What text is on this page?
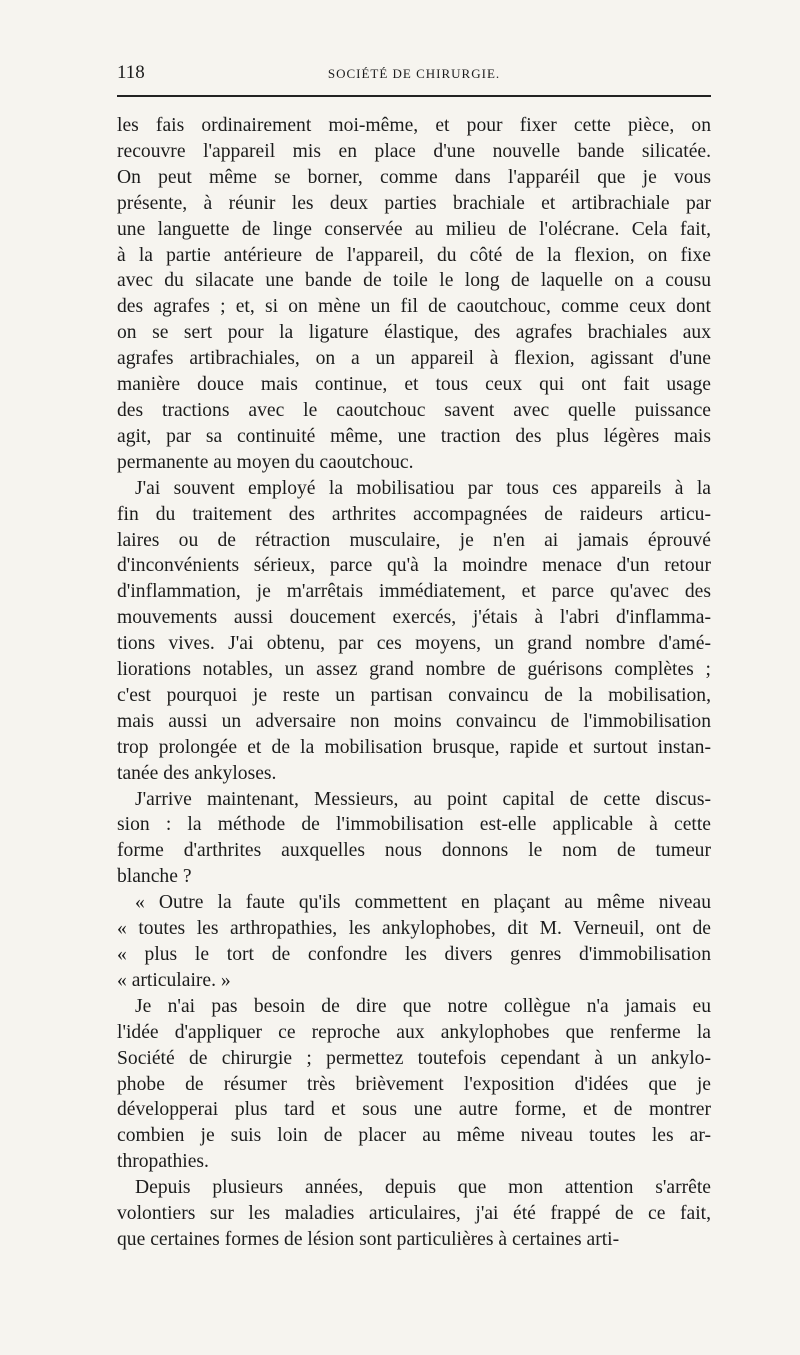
118	SOCIÉTÉ DE CHIRURGIE.
les fais ordinairement moi-même, et pour fixer cette pièce, on
recouvre l'appareil mis en place d'une nouvelle bande silicatée.
On peut même se borner, comme dans l'apparéil que je vous
présente, à réunir les deux parties brachiale et artibrachiale par
une languette de linge conservée au milieu de l'olécrane. Cela fait,
à la partie antérieure de l'appareil, du côté de la flexion, on fixe
avec du silacate une bande de toile le long de laquelle on a cousu
des agrafes ; et, si on mène un fil de caoutchouc, comme ceux dont
on se sert pour la ligature élastique, des agrafes brachiales aux
agrafes artibrachiales, on a un appareil à flexion, agissant d'une
manière douce mais continue, et tous ceux qui ont fait usage
des tractions avec le caoutchouc savent avec quelle puissance
agit, par sa continuité même, une traction des plus légères mais
permanente au moyen du caoutchouc.
J'ai souvent employé la mobilisatiou par tous ces appareils à la
fin du traitement des arthrites accompagnées de raideurs articu-
laires ou de rétraction musculaire, je n'en ai jamais éprouvé
d'inconvénients sérieux, parce qu'à la moindre menace d'un retour
d'inflammation, je m'arrêtais immédiatement, et parce qu'avec des
mouvements aussi doucement exercés, j'étais à l'abri d'inflamma-
tions vives. J'ai obtenu, par ces moyens, un grand nombre d'amé-
liorations notables, un assez grand nombre de guérisons complètes ;
c'est pourquoi je reste un partisan convaincu de la mobilisation,
mais aussi un adversaire non moins convaincu de l'immobilisation
trop prolongée et de la mobilisation brusque, rapide et surtout instan-
tanée des ankyloses.
J'arrive maintenant, Messieurs, au point capital de cette discus-
sion : la méthode de l'immobilisation est-elle applicable à cette
forme d'arthrites auxquelles nous donnons le nom de tumeur
blanche ?
« Outre la faute qu'ils commettent en plaçant au même niveau
« toutes les arthropathies, les ankylophobes, dit M. Verneuil, ont de
« plus le tort de confondre les divers genres d'immobilisation
« articulaire. »
Je n'ai pas besoin de dire que notre collègue n'a jamais eu
l'idée d'appliquer ce reproche aux ankylophobes que renferme la
Société de chirurgie ; permettez toutefois cependant à un ankylo-
phobe de résumer très brièvement l'exposition d'idées que je
développerai plus tard et sous une autre forme, et de montrer
combien je suis loin de placer au même niveau toutes les ar-
thropathies.
Depuis plusieurs années, depuis que mon attention s'arrête
volontiers sur les maladies articulaires, j'ai été frappé de ce fait,
que certaines formes de lésion sont particulières à certaines arti-
